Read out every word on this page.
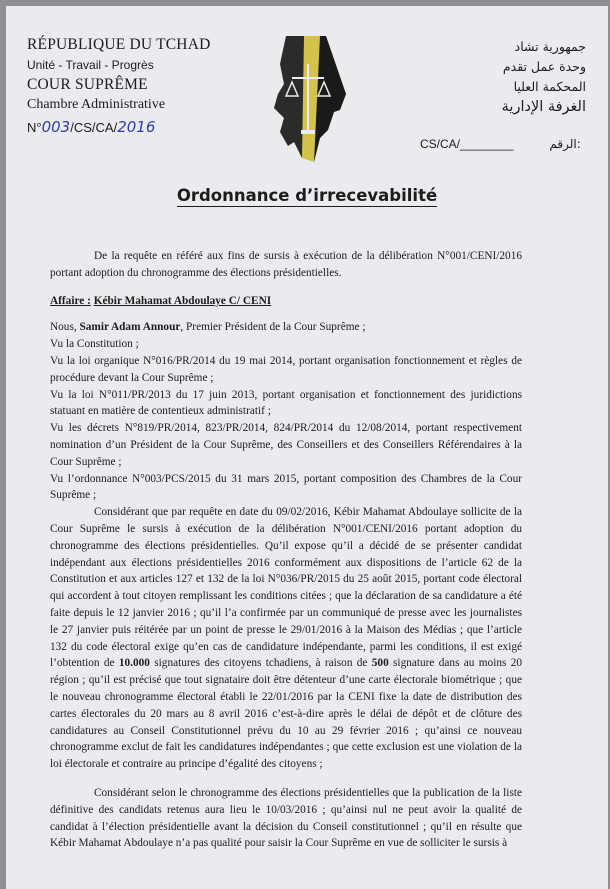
RÉPUBLIQUE DU TCHAD
Unité - Travail - Progrès
COUR SUPRÊME
Chambre Administrative
N°003/CS/CA/2016
جمهورية تشاد
وحدة عمل تقدم
المحكمة العليا
الغرفة الإدارية
CS/CA/________	الرقم:
Ordonnance d’irrecevabilité

De la requête en référé aux fins de sursis à exécution de la délibération N°001/CENI/2016 portant adoption du chronogramme des élections présidentielles.

Affaire : Kébir Mahamat Abdoulaye C/ CENI

Nous, Samir Adam Annour, Premier Président de la Cour Suprême ;

Vu la Constitution ;

Vu la loi organique N°016/PR/2014 du 19 mai 2014, portant organisation fonctionnement et règles de procédure devant la Cour Suprême ;

Vu la loi N°011/PR/2013 du 17 juin 2013, portant organisation et fonctionnement des juridictions statuant en matière de contentieux administratif ;

Vu les décrets N°819/PR/2014, 823/PR/2014, 824/PR/2014 du 12/08/2014, portant respectivement nomination d’un Président de la Cour Suprême, des Conseillers et des Conseillers Référendaires à la Cour Suprême ;

Vu l’ordonnance N°003/PCS/2015 du 31 mars 2015, portant composition des Chambres de la Cour Suprême ;

Considérant que par requête en date du 09/02/2016, Kébir Mahamat Abdoulaye sollicite de la Cour Suprême le sursis à exécution de la délibération N°001/CENI/2016 portant adoption du chronogramme des élections présidentielles. Qu’il expose qu’il a décidé de se présenter candidat indépendant aux élections présidentielles 2016 conformément aux dispositions de l’article 62 de la Constitution et aux articles 127 et 132 de la loi N°036/PR/2015 du 25 août 2015, portant code électoral qui accordent à tout citoyen remplissant les conditions citées ; que la déclaration de sa candidature a été faite depuis le 12 janvier 2016 ; qu’il l’a confirmée par un communiqué de presse avec les journalistes le 27 janvier puis réitérée par un point de presse le 29/01/2016 à la Maison des Médias ; que l’article 132 du code électoral exige qu’en cas de candidature indépendante, parmi les conditions, il est exigé l’obtention de 10.000 signatures des citoyens tchadiens, à raison de 500 signature dans au moins 20 région ; qu’il est précisé que tout signataire doit être détenteur d’une carte électorale biométrique ; que le nouveau chronogramme électoral établi le 22/01/2016 par la CENI fixe la date de distribution des cartes électorales du 20 mars au 8 avril 2016 c’est-à-dire après le délai de dépôt et de clôture des candidatures au Conseil Constitutionnel prévu du 10 au 29 février 2016 ; qu’ainsi ce nouveau chronogramme exclut de fait les candidatures indépendantes ; que cette exclusion est une violation de la loi électorale et contraire au principe d’égalité des citoyens ;

Considérant selon le chronogramme des élections présidentielles que la publication de la liste définitive des candidats retenus aura lieu le 10/03/2016 ; qu’ainsi nul ne peut avoir la qualité de candidat à l’élection présidentielle avant la décision du Conseil constitutionnel ; qu’il en résulte que Kébir Mahamat Abdoulaye n’a pas qualité pour saisir la Cour Suprême en vue de solliciter le sursis à
